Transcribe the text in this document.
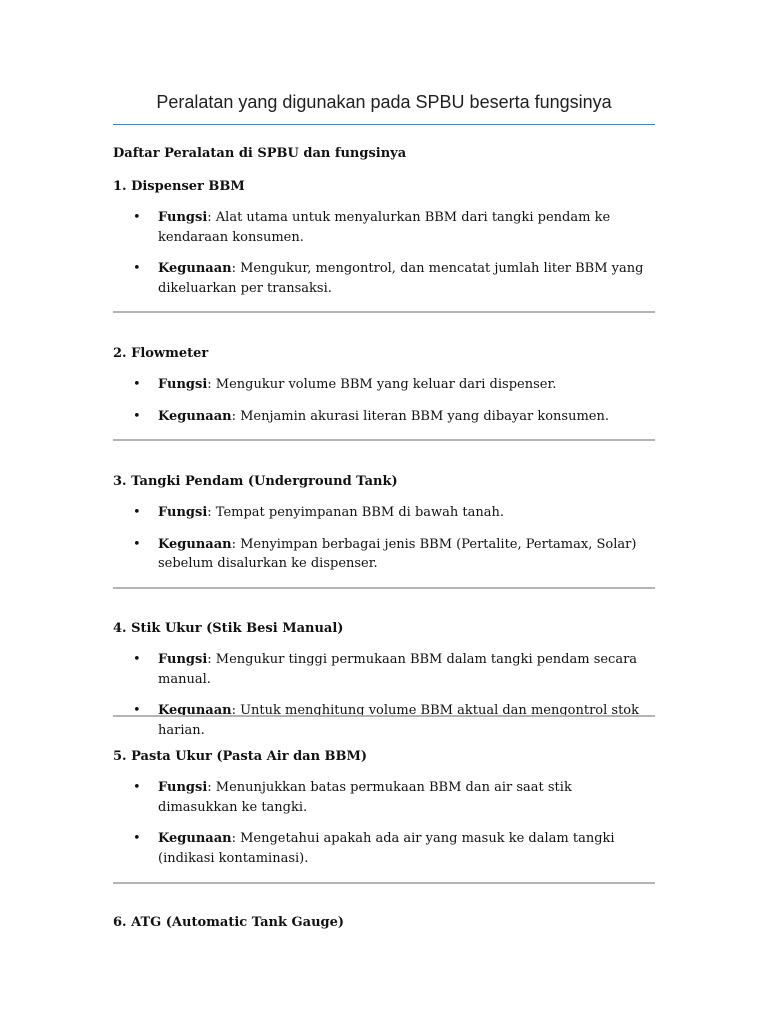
Peralatan yang digunakan pada SPBU beserta fungsinya
Daftar Peralatan di SPBU dan fungsinya
1. Dispenser BBM
• Fungsi: Alat utama untuk menyalurkan BBM dari tangki pendam ke kendaraan konsumen.
• Kegunaan: Mengukur, mengontrol, dan mencatat jumlah liter BBM yang dikeluarkan per transaksi.
2. Flowmeter
• Fungsi: Mengukur volume BBM yang keluar dari dispenser.
• Kegunaan: Menjamin akurasi literan BBM yang dibayar konsumen.
3. Tangki Pendam (Underground Tank)
• Fungsi: Tempat penyimpanan BBM di bawah tanah.
• Kegunaan: Menyimpan berbagai jenis BBM (Pertalite, Pertamax, Solar) sebelum disalurkan ke dispenser.
4. Stik Ukur (Stik Besi Manual)
• Fungsi: Mengukur tinggi permukaan BBM dalam tangki pendam secara manual.
• Kegunaan: Untuk menghitung volume BBM aktual dan mengontrol stok harian.
5. Pasta Ukur (Pasta Air dan BBM)
• Fungsi: Menunjukkan batas permukaan BBM dan air saat stik dimasukkan ke tangki.
• Kegunaan: Mengetahui apakah ada air yang masuk ke dalam tangki (indikasi kontaminasi).
6. ATG (Automatic Tank Gauge)
